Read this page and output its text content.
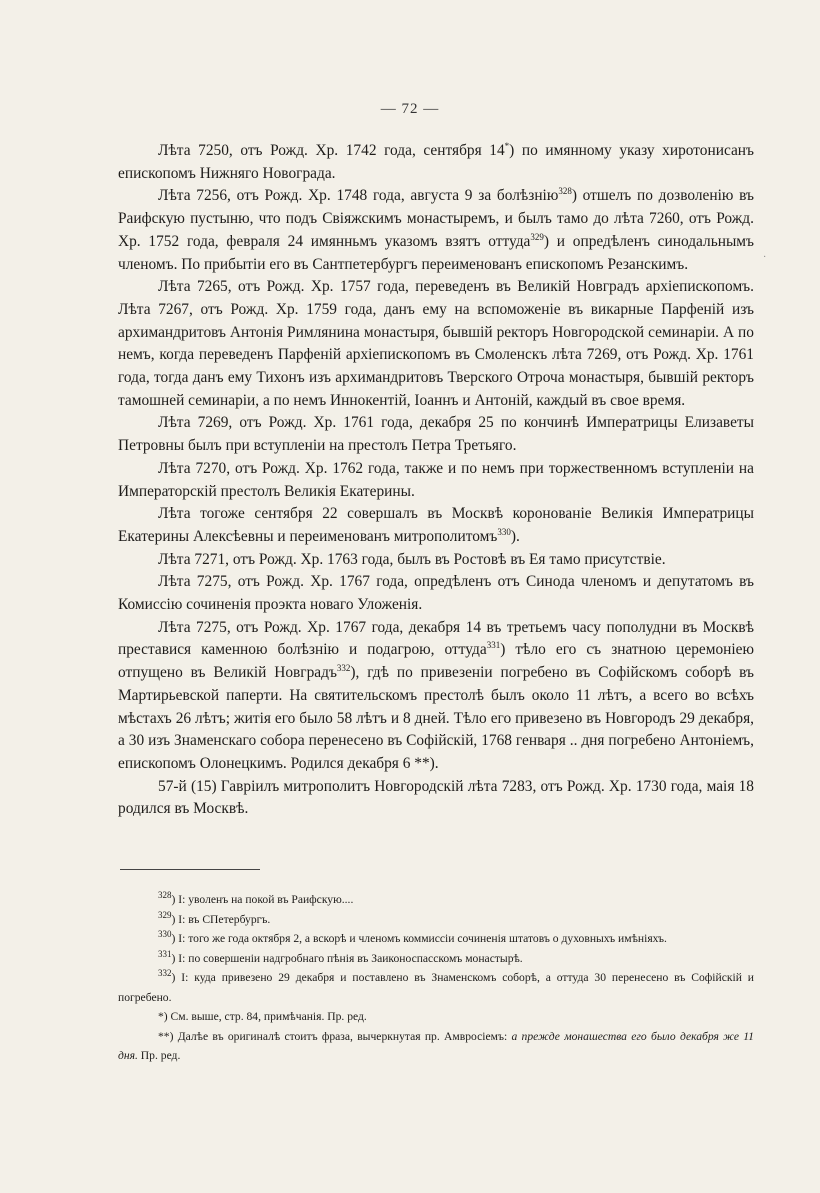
— 72 —

Лѣта 7250, отъ Рожд. Хр. 1742 года, сентября 14*) по имянному указу хиротонисанъ епископомъ Нижняго Новограда.

Лѣта 7256, отъ Рожд. Хр. 1748 года, августа 9 за болѣзнію$^{328}$) отшелъ по дозволенію въ Раифскую пустыню, что подъ Свіяжскимъ монастыремъ, и былъ тамо до лѣта 7260, отъ Рожд. Хр. 1752 года, февраля 24 имянньмъ указомъ взятъ оттуда$^{329}$) и опредѣленъ синодальнымъ членомъ. По прибытіи его въ Сантпетербургъ переименованъ епископомъ Резанскимъ.

Лѣта 7265, отъ Рожд. Хр. 1757 года, переведенъ въ Великій Новградъ архіепископомъ. Лѣта 7267, отъ Рожд. Хр. 1759 года, данъ ему на вспоможеніе въ викарные Парфеній изъ архимандритовъ Антонія Римлянина монастыря, бывшій ректоръ Новгородской семинаріи. А по немъ, когда переведенъ Парфеній архіепископомъ въ Смоленскъ лѣта 7269, отъ Рожд. Хр. 1761 года, тогда данъ ему Тихонъ изъ архимандритовъ Тверского Отроча монастыря, бывшій ректоръ тамошней семинаріи, а по немъ Иннокентій, Іоаннъ и Антоній, каждый въ свое время.

Лѣта 7269, отъ Рожд. Хр. 1761 года, декабря 25 по кончинѣ Императрицы Елизаветы Петровны былъ при вступленіи на престолъ Петра Третьяго.

Лѣта 7270, отъ Рожд. Хр. 1762 года, также и по немъ при торжественномъ вступленіи на Императорскій престолъ Великія Екатерины.

Лѣта тогоже сентября 22 совершалъ въ Москвѣ коронованіе Великія Императрицы Екатерины Алексѣевны и переименованъ митрополитомъ$^{330}$).

Лѣта 7271, отъ Рожд. Хр. 1763 года, былъ въ Ростовѣ въ Ея тамо присутствіе.

Лѣта 7275, отъ Рожд. Хр. 1767 года, опредѣленъ отъ Синода членомъ и депутатомъ въ Комиссію сочиненія проэкта новаго Уложенія.

Лѣта 7275, отъ Рожд. Хр. 1767 года, декабря 14 въ третьемъ часу пополудни въ Москвѣ преставися каменною болѣзнію и подагрою, оттуда$^{331}$) тѣло его съ знатною церемоніею отпущено въ Великій Новградъ$^{332}$), гдѣ по привезеніи погребено въ Софійскомъ соборѣ въ Мартирьевской паперти. На святительскомъ престолѣ былъ около 11 лѣтъ, а всего во всѣхъ мѣстахъ 26 лѣтъ; житія его было 58 лѣтъ и 8 дней. Тѣло его привезено въ Новгородъ 29 декабря, а 30 изъ Знаменскаго собора перенесено въ Софійскій, 1768 генваря .. дня погребено Антоніемъ, епископомъ Олонецкимъ. Родился декабря 6 **).

57-й (15) Гавріилъ митрополитъ Новгородскій лѣта 7283, отъ Рожд. Хр. 1730 года, маія 18 родился въ Москвѣ.

$^{328}$) І: уволенъ на покой въ Раифскую....

$^{329}$) І: въ СПетербургъ.

$^{330}$) І: того же года октября 2, а вскорѣ и членомъ коммиссіи сочиненія штатовъ о духовныхъ имѣніяхъ.

$^{331}$) І: по совершеніи надгробнаго пѣнія въ Заиконоспасскомъ монастырѣ.

$^{332}$) І: куда привезено 29 декабря и поставлено въ Знаменскомъ соборѣ, а оттуда 30 перенесено въ Софійскій и погребено.

*) См. выше, стр. 84, примѣчанія. Пр. ред.

**) Далѣе въ оригиналѣ стоитъ фраза, вычеркнутая пр. Амвросіемъ: а прежде монашества его было декабря же 11 дня. Пр. ред.

·
